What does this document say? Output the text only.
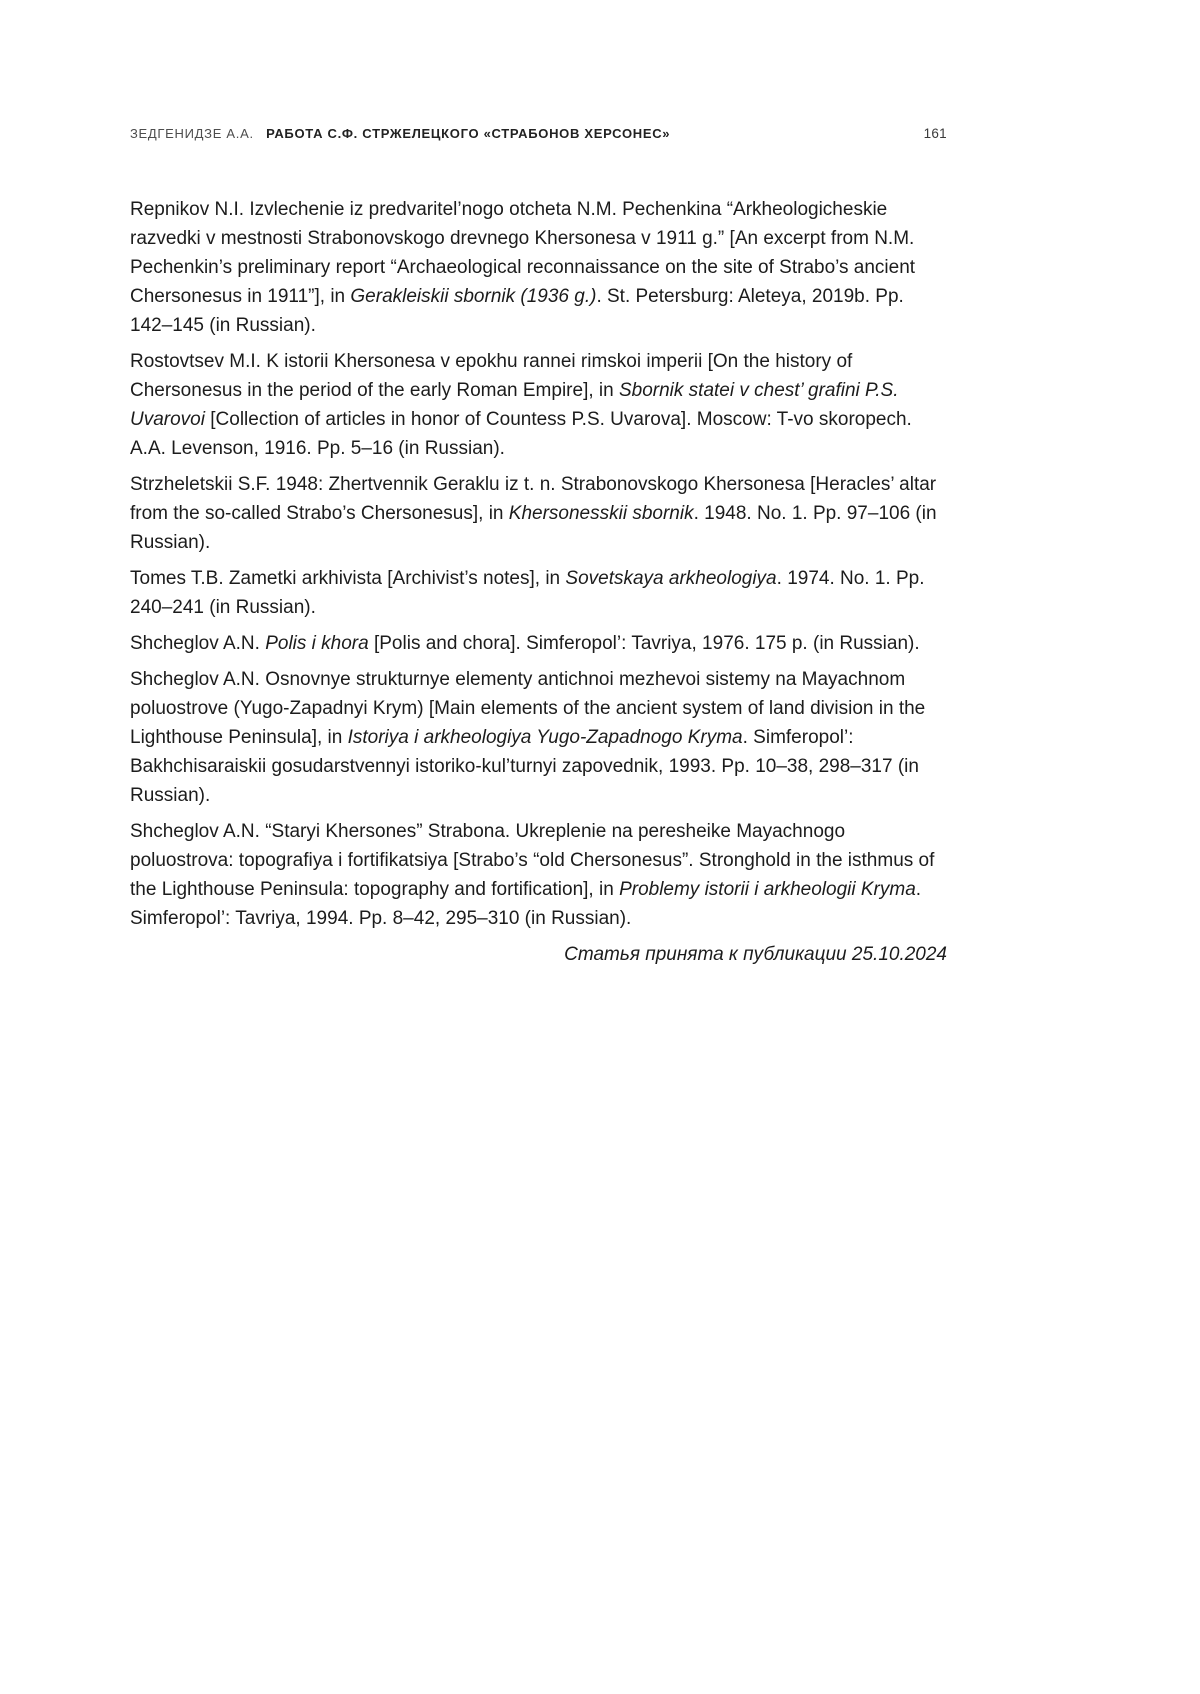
ЗЕДГЕНИДЗЕ А.А. РАБОТА С.Ф. СТРЖЕЛЕЦКОГО «СТРАБОНОВ ХЕРСОНЕС»	161

Repnikov N.I. Izvlechenie iz predvaritel’nogo otcheta N.M. Pechenkina “Arkheologicheskie razvedki v mestnosti Strabonovskogo drevnego Khersonesa v 1911 g.” [An excerpt from N.M. Pechenkin’s preliminary report “Archaeological reconnaissance on the site of Strabo’s ancient Chersonesus in 1911”], in Gerakleiskii sbornik (1936 g.). St. Petersburg: Aleteya, 2019b. Pp. 142–145 (in Russian).

Rostovtsev M.I. K istorii Khersonesa v epokhu rannei rimskoi imperii [On the history of Chersonesus in the period of the early Roman Empire], in Sbornik statei v chest’ grafini P.S. Uvarovoi [Collection of articles in honor of Countess P.S. Uvarova]. Moscow: T-vo skoropech. A.A. Levenson, 1916. Pp. 5–16 (in Russian).

Strzheletskii S.F. 1948: Zhertvennik Geraklu iz t. n. Strabonovskogo Khersonesa [Heracles’ altar from the so-called Strabo’s Chersonesus], in Khersonesskii sbornik. 1948. No. 1. Pp. 97–106 (in Russian).

Tomes T.B. Zametki arkhivista [Archivist’s notes], in Sovetskaya arkheologiya. 1974. No. 1. Pp. 240–241 (in Russian).

Shcheglov A.N. Polis i khora [Polis and chora]. Simferopol’: Tavriya, 1976. 175 p. (in Russian).

Shcheglov A.N. Osnovnye strukturnye elementy antichnoi mezhevoi sistemy na Mayachnom poluostrove (Yugo-Zapadnyi Krym) [Main elements of the ancient system of land division in the Lighthouse Peninsula], in Istoriya i arkheologiya Yugo-Zapadnogo Kryma. Simferopol’: Bakhchisaraiskii gosudarstvennyi istoriko-kul’turnyi zapovednik, 1993. Pp. 10–38, 298–317 (in Russian).

Shcheglov A.N. “Staryi Khersones” Strabona. Ukreplenie na peresheike Mayachnogo poluostrova: topografiya i fortifikatsiya [Strabo’s “old Chersonesus”. Stronghold in the isthmus of the Lighthouse Peninsula: topography and fortification], in Problemy istorii i arkheologii Kryma. Simferopol’: Tavriya, 1994. Pp. 8–42, 295–310 (in Russian).

Статья принята к публикации 25.10.2024
